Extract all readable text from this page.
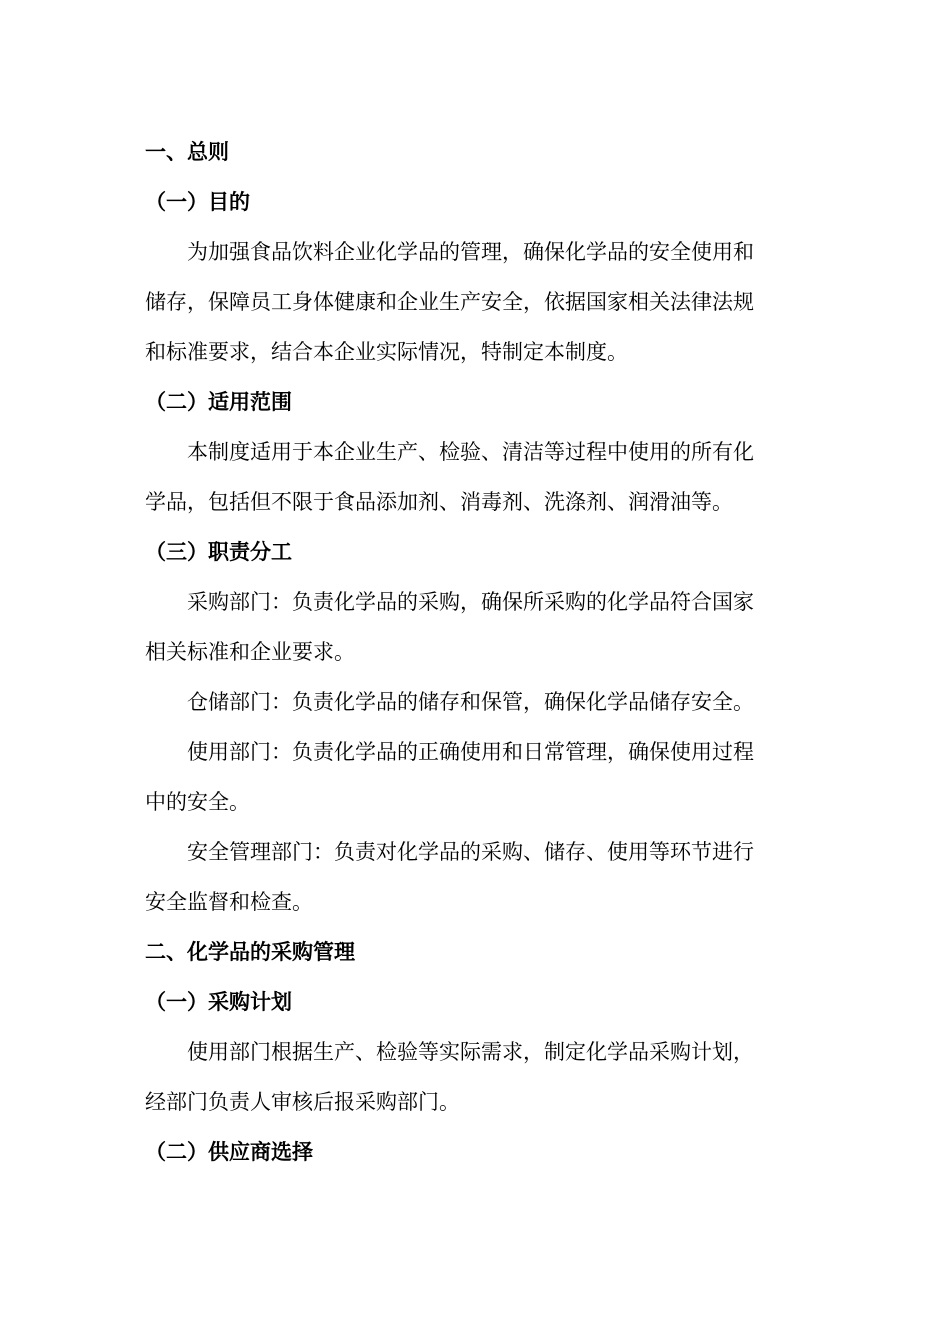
一、总则
（一）目的
为加强食品饮料企业化学品的管理，确保化学品的安全使用和
储存，保障员工身体健康和企业生产安全，依据国家相关法律法规
和标准要求，结合本企业实际情况，特制定本制度。
（二）适用范围
本制度适用于本企业生产、检验、清洁等过程中使用的所有化
学品，包括但不限于食品添加剂、消毒剂、洗涤剂、润滑油等。
（三）职责分工
采购部门：负责化学品的采购，确保所采购的化学品符合国家
相关标准和企业要求。
仓储部门：负责化学品的储存和保管，确保化学品储存安全。
使用部门：负责化学品的正确使用和日常管理，确保使用过程
中的安全。
安全管理部门：负责对化学品的采购、储存、使用等环节进行
安全监督和检查。
二、化学品的采购管理
（一）采购计划
使用部门根据生产、检验等实际需求，制定化学品采购计划，
经部门负责人审核后报采购部门。
（二）供应商选择
